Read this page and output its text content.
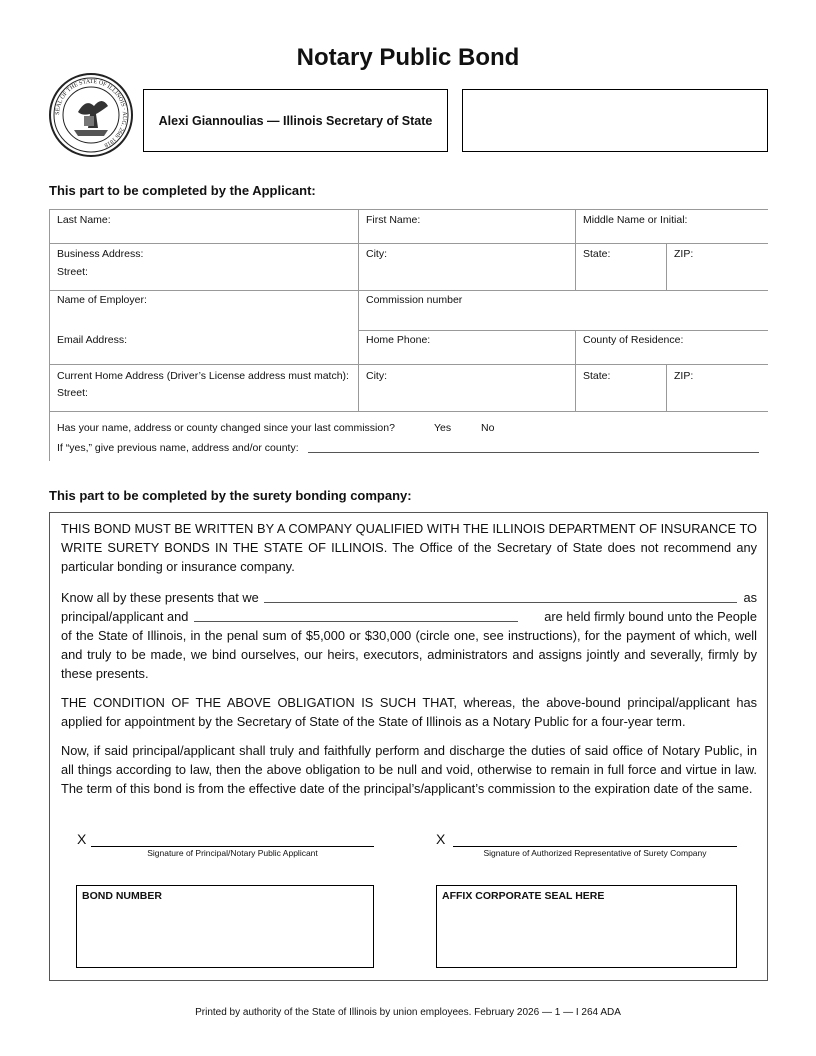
Notary Public Bond
SEAL OF THE STATE OF ILLINOIS · AUG. 26th 1818
Alexi Giannoulias — Illinois Secretary of State
This part to be completed by the Applicant:
Last Name:	First Name:	Middle Name or Initial:
Business Address:
Street:
City:	State:	ZIP:
Name of Employer:	Commission number
Email Address:	Home Phone:	County of Residence:
Current Home Address (Driver’s License address must match):
Street:
City:	State:	ZIP:
Has your name, address or county changed since your last commission?	Yes	No
If “yes,” give previous name, address and/or county:
This part to be completed by the surety bonding company:

THIS BOND MUST BE WRITTEN BY A COMPANY QUALIFIED WITH THE ILLINOIS DEPARTMENT OF INSURANCE TO WRITE SURETY BONDS IN THE STATE OF ILLINOIS. The Office of the Secretary of State does not recommend any particular bonding or insurance company.

Know all by these presents that we	as
principal/applicant and	are held firmly bound unto the People

of the State of Illinois, in the penal sum of $5,000 or $30,000 (circle one, see instructions), for the payment of which, well and truly to be made, we bind ourselves, our heirs, executors, administrators and assigns jointly and severally, firmly by these presents.

THE CONDITION OF THE ABOVE OBLIGATION IS SUCH THAT, whereas, the above-bound principal/applicant has applied for appointment by the Secretary of State of the State of Illinois as a Notary Public for a four-year term.

Now, if said principal/applicant shall truly and faithfully perform and discharge the duties of said office of Notary Public, in all things according to law, then the above obligation to be null and void, otherwise to remain in full force and virtue in law. The term of this bond is from the effective date of the principal’s/applicant’s commission to the expiration date of the same.

X
Signature of Principal/Notary Public Applicant
X
Signature of Authorized Representative of Surety Company
BOND NUMBER	AFFIX CORPORATE SEAL HERE
Printed by authority of the State of Illinois by union employees. February 2026 — 1 — I 264 ADA
